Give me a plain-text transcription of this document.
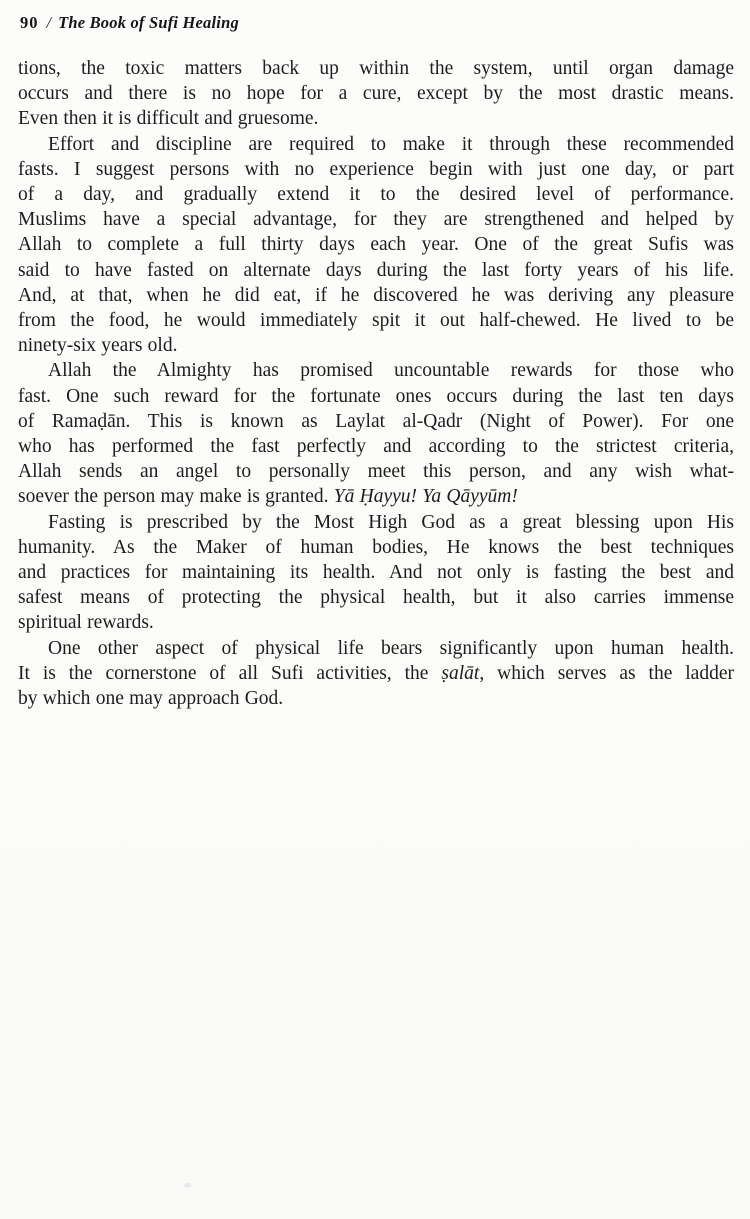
90 / The Book of Sufi Healing
tions, the toxic matters back up within the system, until organ damage
occurs and there is no hope for a cure, except by the most drastic means.
Even then it is difficult and gruesome.
Effort and discipline are required to make it through these recommended
fasts. I suggest persons with no experience begin with just one day, or part
of a day, and gradually extend it to the desired level of performance.
Muslims have a special advantage, for they are strengthened and helped by
Allah to complete a full thirty days each year. One of the great Sufis was
said to have fasted on alternate days during the last forty years of his life.
And, at that, when he did eat, if he discovered he was deriving any pleasure
from the food, he would immediately spit it out half-chewed. He lived to be
ninety-six years old.
Allah the Almighty has promised uncountable rewards for those who
fast. One such reward for the fortunate ones occurs during the last ten days
of Ramaḍān. This is known as Laylat al-Qadr (Night of Power). For one
who has performed the fast perfectly and according to the strictest criteria,
Allah sends an angel to personally meet this person, and any wish what-
soever the person may make is granted. Yā Ḥayyu! Ya Qāyyūm!
Fasting is prescribed by the Most High God as a great blessing upon His
humanity. As the Maker of human bodies, He knows the best techniques
and practices for maintaining its health. And not only is fasting the best and
safest means of protecting the physical health, but it also carries immense
spiritual rewards.
One other aspect of physical life bears significantly upon human health.
It is the cornerstone of all Sufi activities, the ṣalāt, which serves as the ladder
by which one may approach God.
